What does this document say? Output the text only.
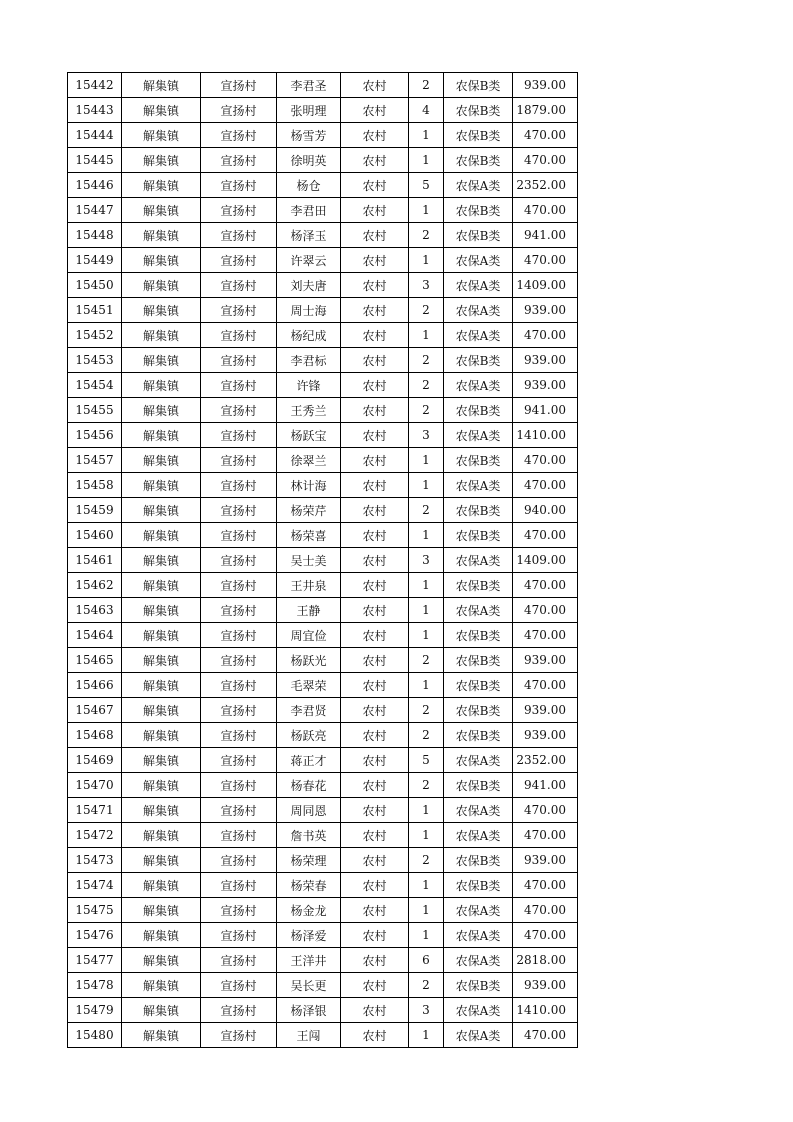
15442	解集镇	宣扬村	李君圣	农村	2	农保B类	939.00
15443	解集镇	宣扬村	张明理	农村	4	农保B类	1879.00
15444	解集镇	宣扬村	杨雪芳	农村	1	农保B类	470.00
15445	解集镇	宣扬村	徐明英	农村	1	农保B类	470.00
15446	解集镇	宣扬村	杨仓	农村	5	农保A类	2352.00
15447	解集镇	宣扬村	李君田	农村	1	农保B类	470.00
15448	解集镇	宣扬村	杨泽玉	农村	2	农保B类	941.00
15449	解集镇	宣扬村	许翠云	农村	1	农保A类	470.00
15450	解集镇	宣扬村	刘夫唐	农村	3	农保A类	1409.00
15451	解集镇	宣扬村	周士海	农村	2	农保A类	939.00
15452	解集镇	宣扬村	杨纪成	农村	1	农保A类	470.00
15453	解集镇	宣扬村	李君标	农村	2	农保B类	939.00
15454	解集镇	宣扬村	许锋	农村	2	农保A类	939.00
15455	解集镇	宣扬村	王秀兰	农村	2	农保B类	941.00
15456	解集镇	宣扬村	杨跃宝	农村	3	农保A类	1410.00
15457	解集镇	宣扬村	徐翠兰	农村	1	农保B类	470.00
15458	解集镇	宣扬村	林计海	农村	1	农保A类	470.00
15459	解集镇	宣扬村	杨荣芹	农村	2	农保B类	940.00
15460	解集镇	宣扬村	杨荣喜	农村	1	农保B类	470.00
15461	解集镇	宣扬村	吴士美	农村	3	农保A类	1409.00
15462	解集镇	宣扬村	王井泉	农村	1	农保B类	470.00
15463	解集镇	宣扬村	王静	农村	1	农保A类	470.00
15464	解集镇	宣扬村	周宜俭	农村	1	农保B类	470.00
15465	解集镇	宣扬村	杨跃光	农村	2	农保B类	939.00
15466	解集镇	宣扬村	毛翠荣	农村	1	农保B类	470.00
15467	解集镇	宣扬村	李君贤	农村	2	农保B类	939.00
15468	解集镇	宣扬村	杨跃亮	农村	2	农保B类	939.00
15469	解集镇	宣扬村	蒋正才	农村	5	农保A类	2352.00
15470	解集镇	宣扬村	杨春花	农村	2	农保B类	941.00
15471	解集镇	宣扬村	周同恩	农村	1	农保A类	470.00
15472	解集镇	宣扬村	詹书英	农村	1	农保A类	470.00
15473	解集镇	宣扬村	杨荣理	农村	2	农保B类	939.00
15474	解集镇	宣扬村	杨荣春	农村	1	农保B类	470.00
15475	解集镇	宣扬村	杨金龙	农村	1	农保A类	470.00
15476	解集镇	宣扬村	杨泽爱	农村	1	农保A类	470.00
15477	解集镇	宣扬村	王洋井	农村	6	农保A类	2818.00
15478	解集镇	宣扬村	吴长更	农村	2	农保B类	939.00
15479	解集镇	宣扬村	杨泽银	农村	3	农保A类	1410.00
15480	解集镇	宣扬村	王闯	农村	1	农保A类	470.00
